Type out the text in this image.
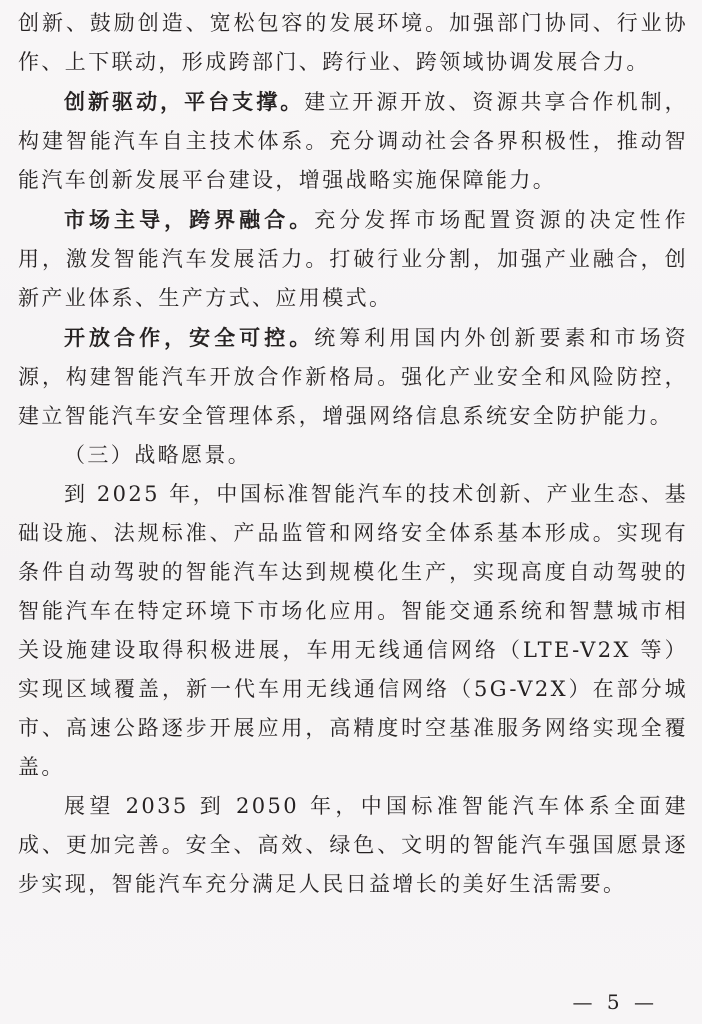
创新、鼓励创造、宽松包容的发展环境。加强部门协同、行业协作、上下联动，形成跨部门、跨行业、跨领域协调发展合力。

创新驱动，平台支撑。建立开源开放、资源共享合作机制，构建智能汽车自主技术体系。充分调动社会各界积极性，推动智能汽车创新发展平台建设，增强战略实施保障能力。

市场主导，跨界融合。充分发挥市场配置资源的决定性作用，激发智能汽车发展活力。打破行业分割，加强产业融合，创新产业体系、生产方式、应用模式。

开放合作，安全可控。统筹利用国内外创新要素和市场资源，构建智能汽车开放合作新格局。强化产业安全和风险防控，建立智能汽车安全管理体系，增强网络信息系统安全防护能力。

（三）战略愿景。

到 2025 年，中国标准智能汽车的技术创新、产业生态、基础设施、法规标准、产品监管和网络安全体系基本形成。实现有条件自动驾驶的智能汽车达到规模化生产，实现高度自动驾驶的智能汽车在特定环境下市场化应用。智能交通系统和智慧城市相关设施建设取得积极进展，车用无线通信网络（LTE-V2X 等）实现区域覆盖，新一代车用无线通信网络（5G-V2X）在部分城市、高速公路逐步开展应用，高精度时空基准服务网络实现全覆盖。

展望 2035 到 2050 年，中国标准智能汽车体系全面建成、更加完善。安全、高效、绿色、文明的智能汽车强国愿景逐步实现，智能汽车充分满足人民日益增长的美好生活需要。

— 5 —
